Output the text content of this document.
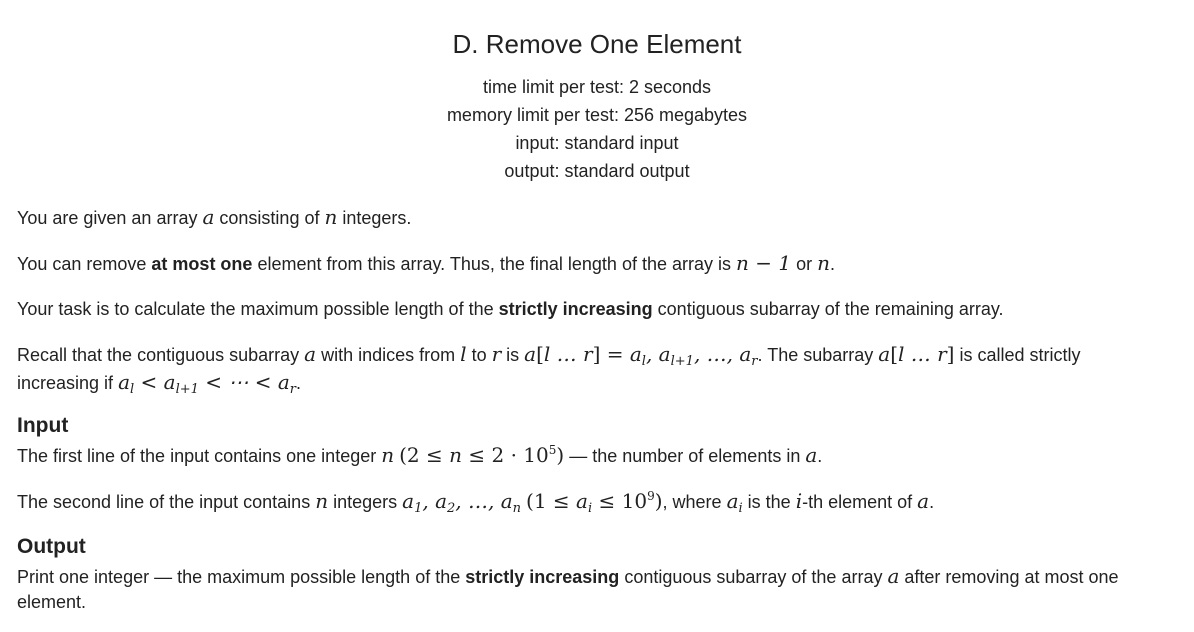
D. Remove One Element
time limit per test: 2 seconds
memory limit per test: 256 megabytes
input: standard input
output: standard output
You are given an array a consisting of n integers.
You can remove at most one element from this array. Thus, the final length of the array is n − 1 or n.
Your task is to calculate the maximum possible length of the strictly increasing contiguous subarray of the remaining array.
Recall that the contiguous subarray a with indices from l to r is a[l … $r] = a_l$, $a_{l+1}$, …, $a_r$. The subarray a[l … r] is called strictly
increasing if $a_l < a_{l+1}$ < ⋯ < $a_r$.
Input
The first line of the input contains one integer n $(2 \le n \le 2 \cdot 10^5)$ — the number of elements in a.
The second line of the input contains n integers $a_1$, $a_2$, …, $a_n$ $(1 \le a_i \le 10^9)$, where $a_i$ is the i-th element of a.
Output
Print one integer — the maximum possible length of the strictly increasing contiguous subarray of the array a after removing at most one
element.
